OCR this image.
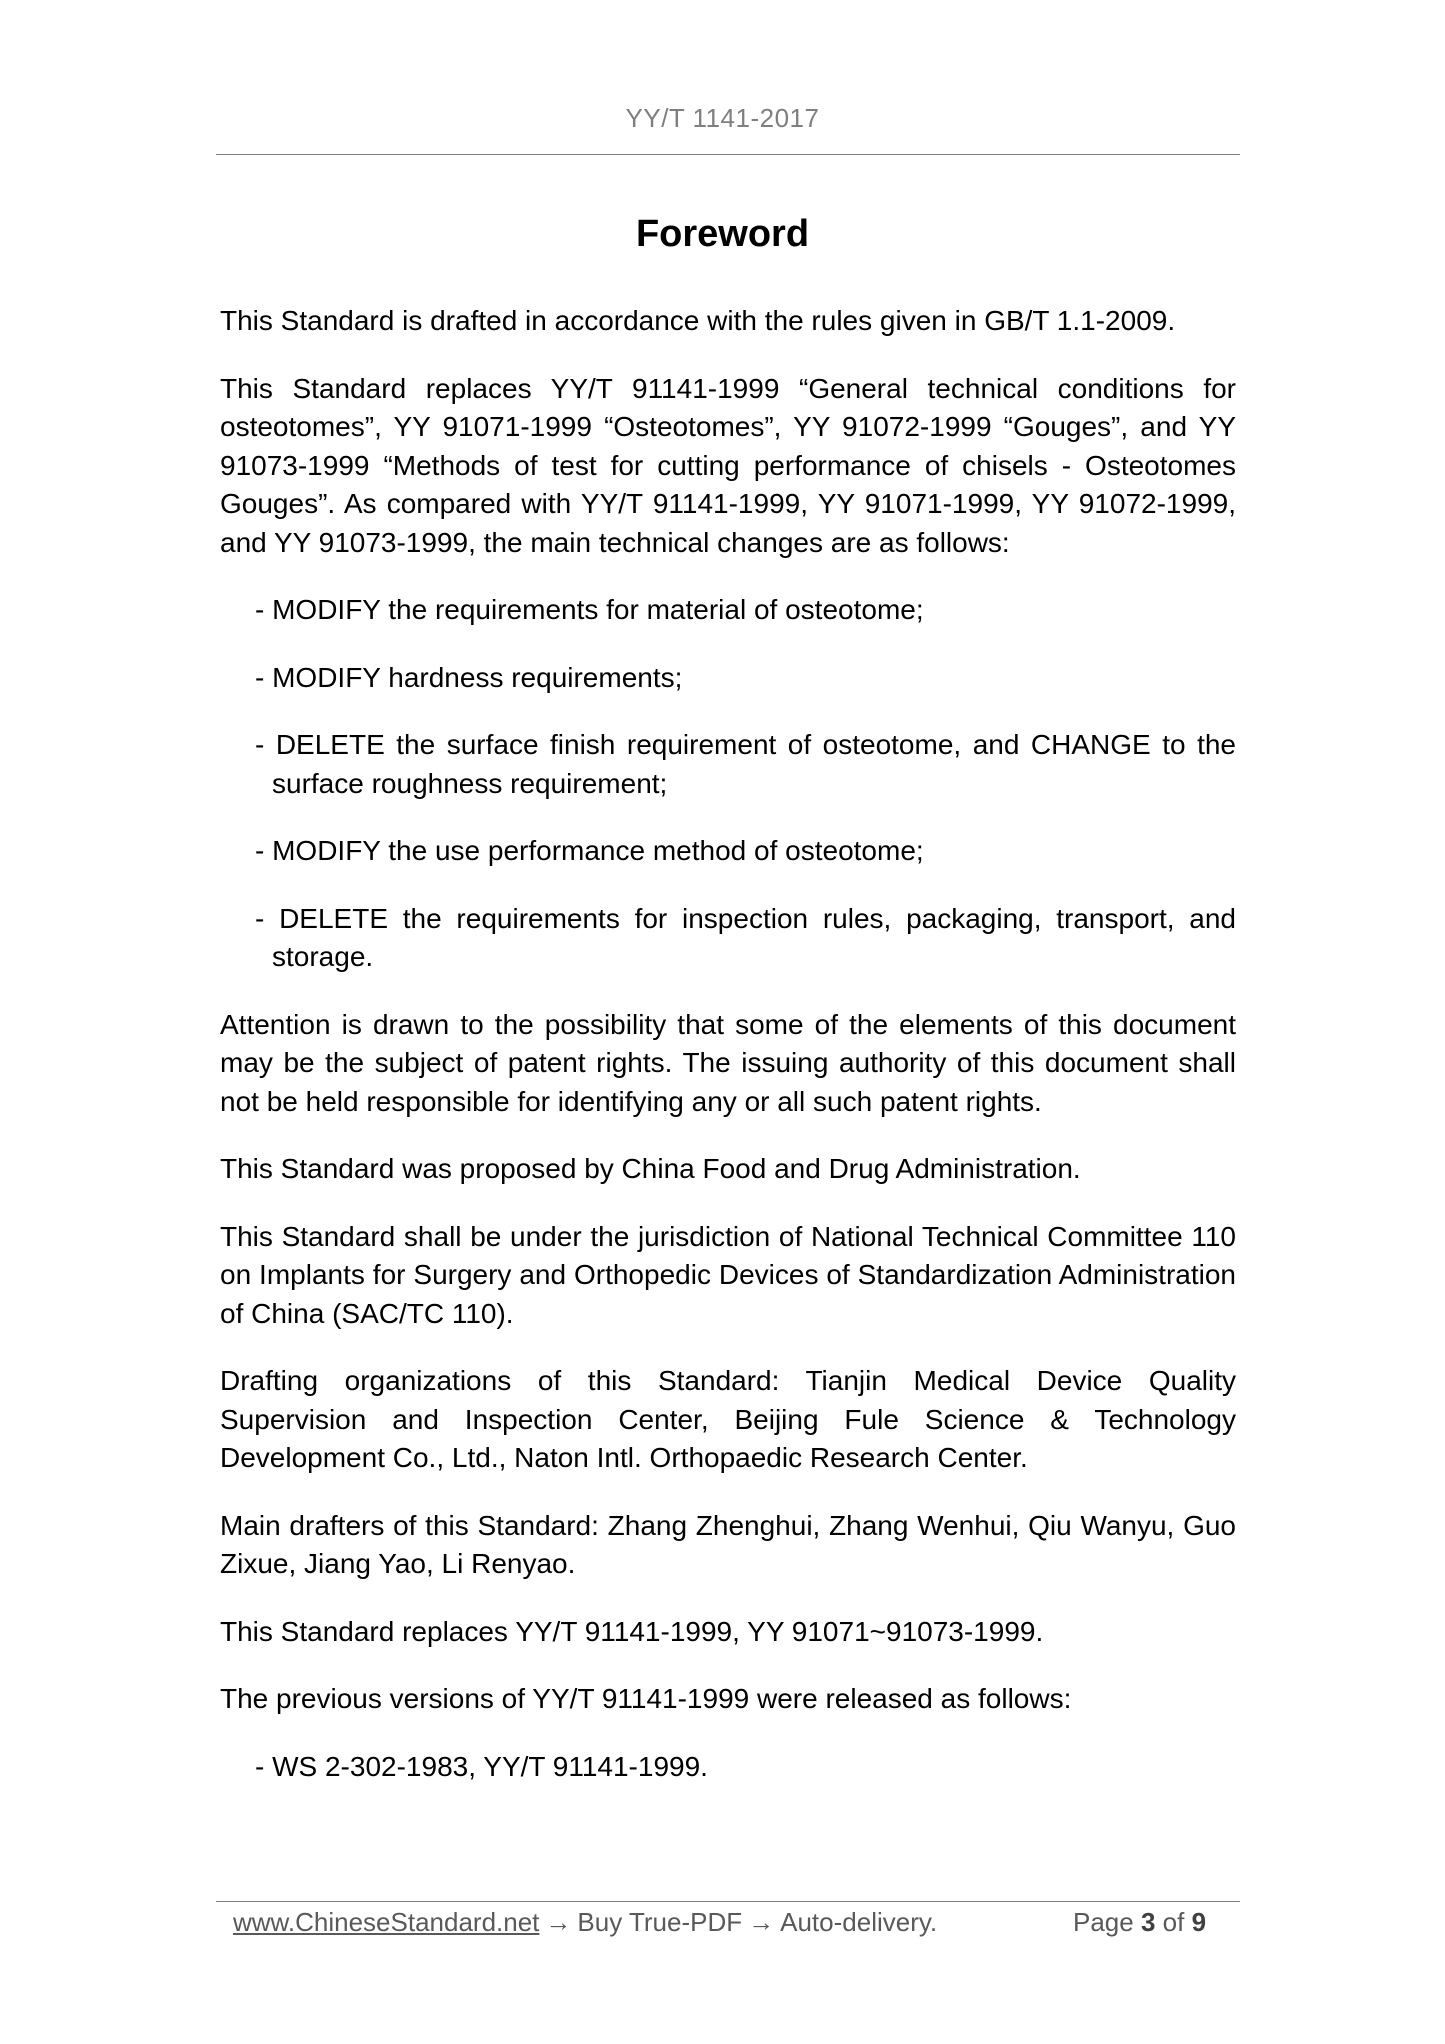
YY/T 1141-2017
Foreword

This Standard is drafted in accordance with the rules given in GB/T 1.1-2009.

This Standard replaces YY/T 91141-1999 “General technical conditions for osteotomes”, YY 91071-1999 “Osteotomes”, YY 91072-1999 “Gouges”, and YY 91073-1999 “Methods of test for cutting performance of chisels - Osteotomes Gouges”. As compared with YY/T 91141-1999, YY 91071-1999, YY 91072-1999, and YY 91073-1999, the main technical changes are as follows:

- MODIFY the requirements for material of osteotome;

- MODIFY hardness requirements;

- DELETE the surface finish requirement of osteotome, and CHANGE to the surface roughness requirement;

- MODIFY the use performance method of osteotome;

- DELETE the requirements for inspection rules, packaging, transport, and storage.

Attention is drawn to the possibility that some of the elements of this document may be the subject of patent rights. The issuing authority of this document shall not be held responsible for identifying any or all such patent rights.

This Standard was proposed by China Food and Drug Administration.

This Standard shall be under the jurisdiction of National Technical Committee 110 on Implants for Surgery and Orthopedic Devices of Standardization Administration of China (SAC/TC 110).

Drafting organizations of this Standard: Tianjin Medical Device Quality Supervision and Inspection Center, Beijing Fule Science & Technology Development Co., Ltd., Naton Intl. Orthopaedic Research Center.

Main drafters of this Standard: Zhang Zhenghui, Zhang Wenhui, Qiu Wanyu, Guo Zixue, Jiang Yao, Li Renyao.

This Standard replaces YY/T 91141-1999, YY 91071~91073-1999.

The previous versions of YY/T 91141-1999 were released as follows:

- WS 2-302-1983, YY/T 91141-1999.

www.ChineseStandard.net → Buy True-PDF → Auto-delivery.	Page 3 of 9
